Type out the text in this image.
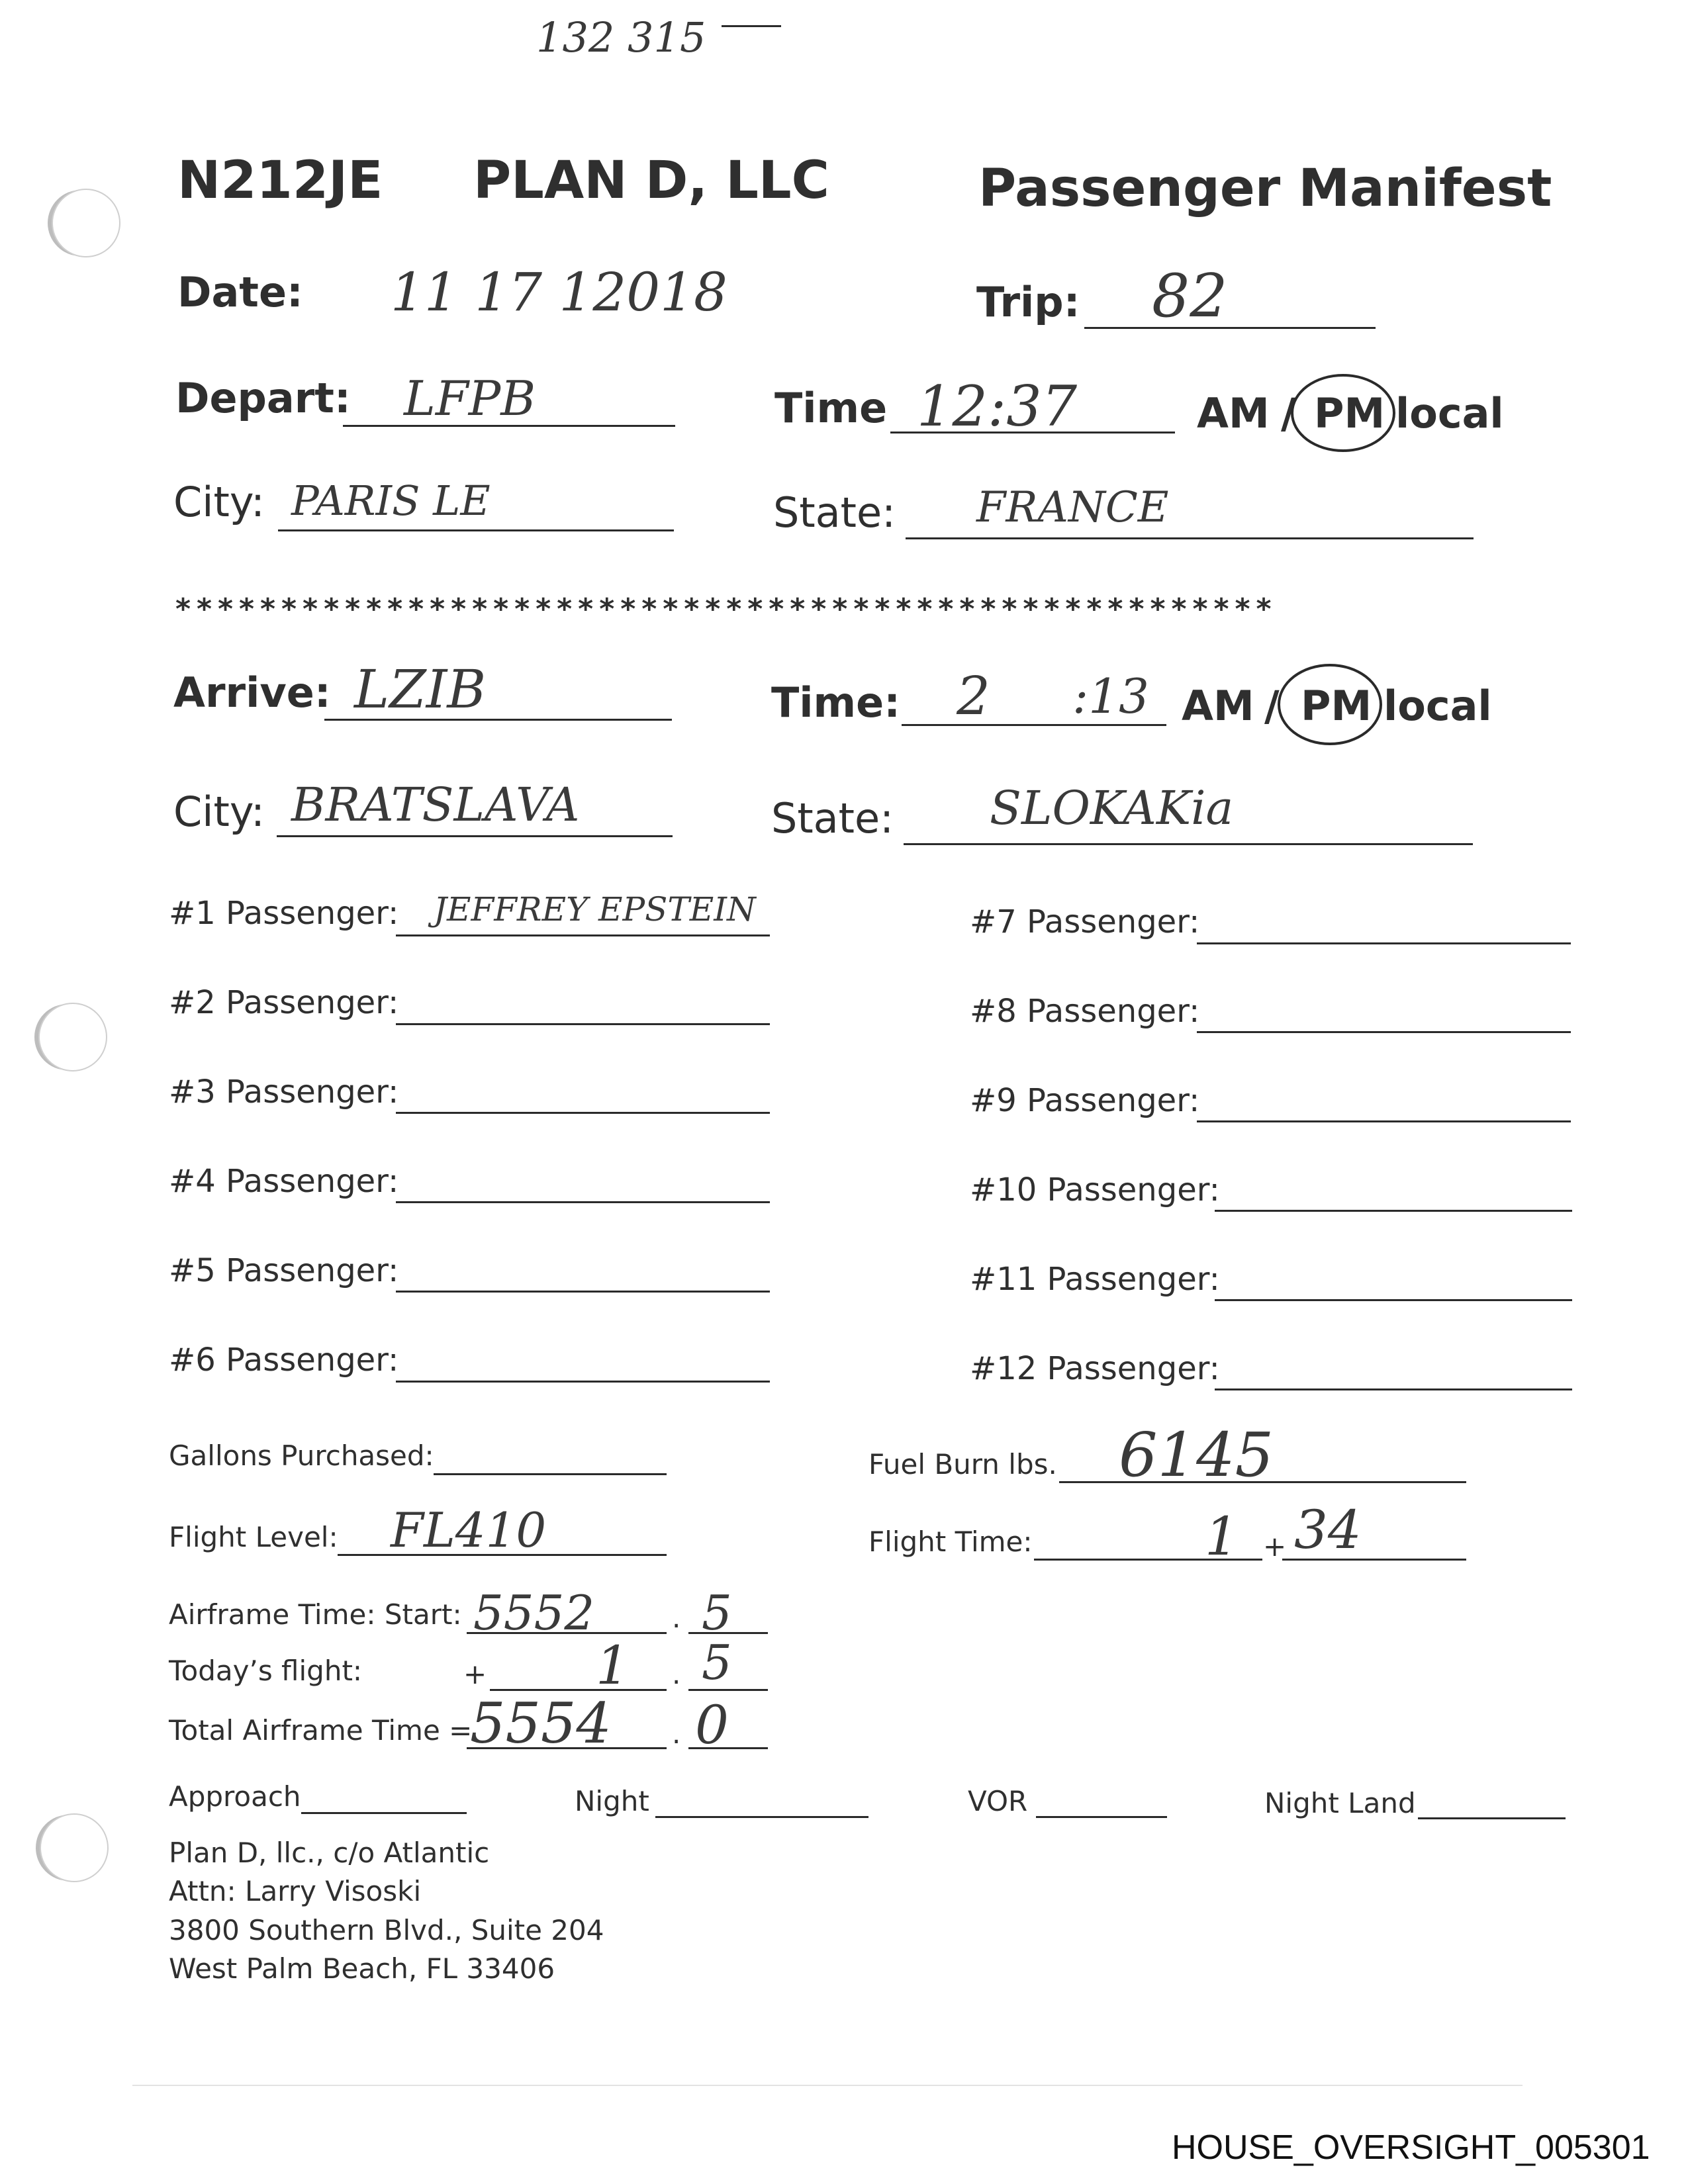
132 315
N212JE PLAN D, LLC	Passenger Manifest
Date: 11 17 12018	Trip: 82
Depart: LFPB	Time 12:37	AM / PM local
City: PARIS LE	State: FRANCE
****************************************************
Arrive: LZIB	Time: 2 :13 AM / PM local
City: BRATSLAVA	State: SLOKAKia
#1 Passenger: JEFFREY EPSTEIN
#2 Passenger:
#3 Passenger:
#4 Passenger:
#5 Passenger:
#6 Passenger:
#7 Passenger:
#8 Passenger:
#9 Passenger:
#10 Passenger:
#11 Passenger:
#12 Passenger:
Gallons Purchased:	Fuel Burn lbs. 6145
Flight Level: FL410	Flight Time:	1 + 34
Airframe Time: Start: 5552	. 5
Today’s flight:	+ 1 . 5
Total Airframe Time =
5554 . 0
Approach	Night	VOR	Night Land
Plan D, llc., c/o Atlantic
Attn: Larry Visoski
3800 Southern Blvd., Suite 204
West Palm Beach, FL 33406
HOUSE_OVERSIGHT_005301
